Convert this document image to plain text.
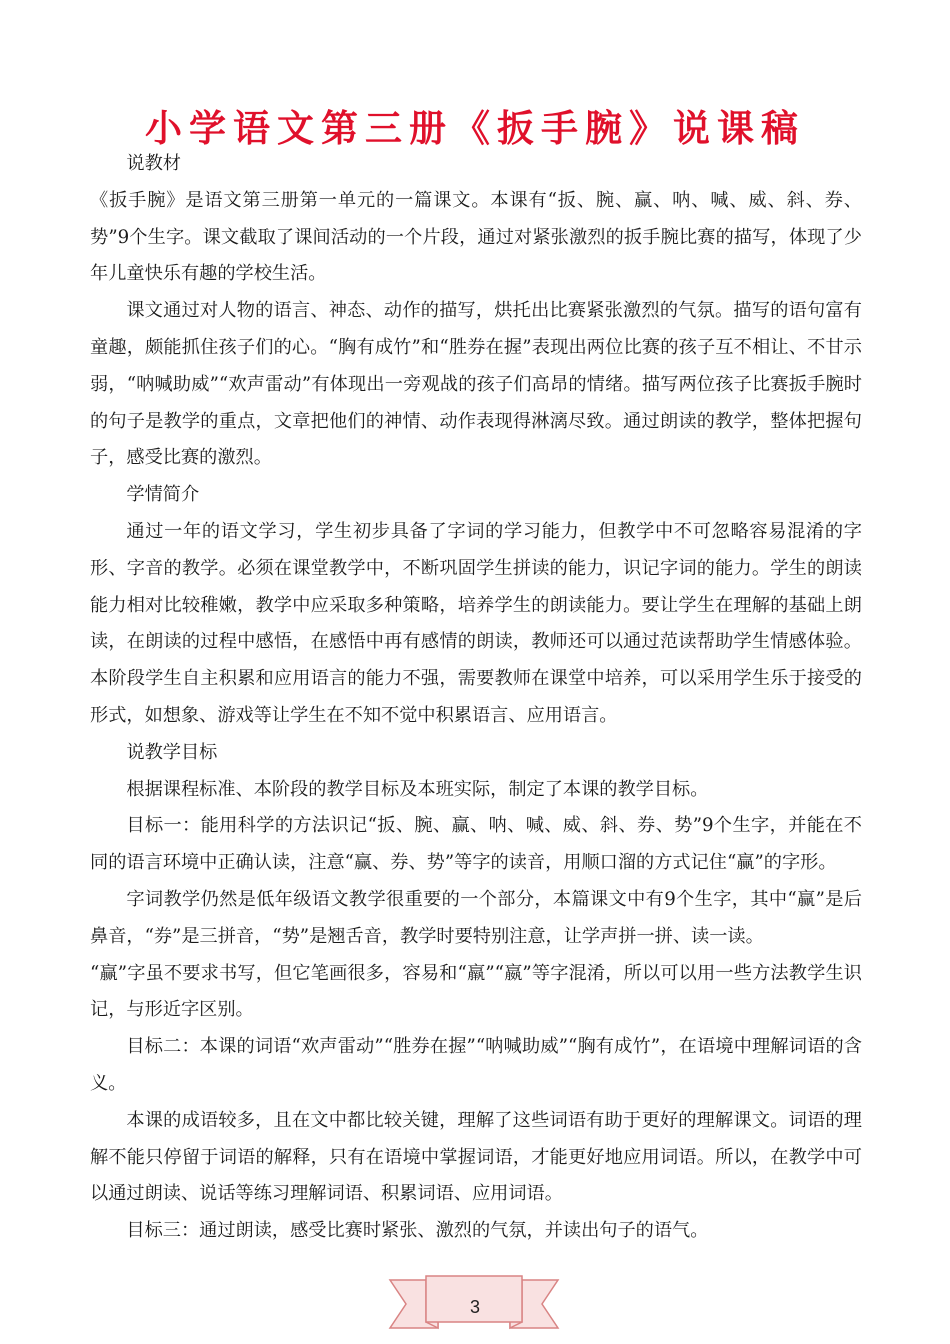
小学语文第三册《扳手腕》说课稿

说教材

《扳手腕》是语文第三册第一单元的一篇课文。本课有“扳、腕、赢、呐、喊、威、斜、券、势”9个生字。课文截取了课间活动的一个片段，通过对紧张激烈的扳手腕比赛的描写，体现了少年儿童快乐有趣的学校生活。

课文通过对人物的语言、神态、动作的描写，烘托出比赛紧张激烈的气氛。描写的语句富有童趣，颇能抓住孩子们的心。“胸有成竹”和“胜券在握”表现出两位比赛的孩子互不相让、不甘示弱，“呐喊助威”“欢声雷动”有体现出一旁观战的孩子们高昂的情绪。描写两位孩子比赛扳手腕时的句子是教学的重点，文章把他们的神情、动作表现得淋漓尽致。通过朗读的教学，整体把握句子，感受比赛的激烈。

学情简介

通过一年的语文学习，学生初步具备了字词的学习能力，但教学中不可忽略容易混淆的字形、字音的教学。必须在课堂教学中，不断巩固学生拼读的能力，识记字词的能力。学生的朗读能力相对比较稚嫩，教学中应采取多种策略，培养学生的朗读能力。要让学生在理解的基础上朗读，在朗读的过程中感悟，在感悟中再有感情的朗读，教师还可以通过范读帮助学生情感体验。本阶段学生自主积累和应用语言的能力不强，需要教师在课堂中培养，可以采用学生乐于接受的形式，如想象、游戏等让学生在不知不觉中积累语言、应用语言。

说教学目标

根据课程标准、本阶段的教学目标及本班实际，制定了本课的教学目标。

目标一：能用科学的方法识记“扳、腕、赢、呐、喊、威、斜、券、势”9个生字，并能在不同的语言环境中正确认读，注意“赢、券、势”等字的读音，用顺口溜的方式记住“赢”的字形。

字词教学仍然是低年级语文教学很重要的一个部分，本篇课文中有9个生字，其中“赢”是后鼻音，“券”是三拼音，“势”是翘舌音，教学时要特别注意，让学声拼一拼、读一读。

“赢”字虽不要求书写，但它笔画很多，容易和“羸”“嬴”等字混淆，所以可以用一些方法教学生识记，与形近字区别。

目标二：本课的词语“欢声雷动”“胜券在握”“呐喊助威”“胸有成竹”，在语境中理解词语的含义。

本课的成语较多，且在文中都比较关键，理解了这些词语有助于更好的理解课文。词语的理解不能只停留于词语的解释，只有在语境中掌握词语，才能更好地应用词语。所以，在教学中可以通过朗读、说话等练习理解词语、积累词语、应用词语。

目标三：通过朗读，感受比赛时紧张、激烈的气氛，并读出句子的语气。

3
